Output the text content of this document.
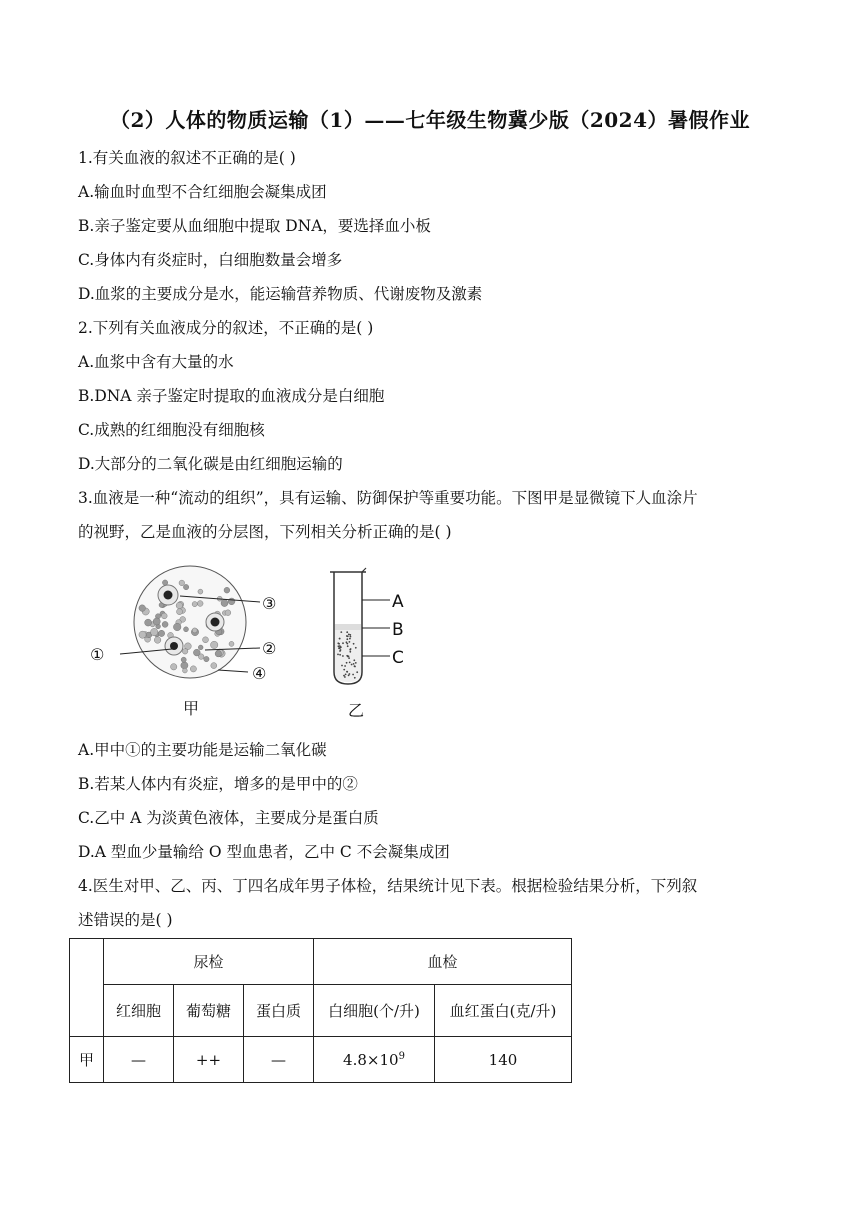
（2）人体的物质运输（1）——七年级生物冀少版（2024）暑假作业
1.有关血液的叙述不正确的是( )
A.输血时血型不合红细胞会凝集成团
B.亲子鉴定要从血细胞中提取 DNA，要选择血小板
C.身体内有炎症时，白细胞数量会增多
D.血浆的主要成分是水，能运输营养物质、代谢废物及激素
2.下列有关血液成分的叙述，不正确的是( )
A.血浆中含有大量的水
B.DNA 亲子鉴定时提取的血液成分是白细胞
C.成熟的红细胞没有细胞核
D.大部分的二氧化碳是由红细胞运输的
3.血液是一种“流动的组织”，具有运输、防御保护等重要功能。下图甲是显微镜下人血涂片
的视野，乙是血液的分层图，下列相关分析正确的是( )
③
②
①
④
甲
A
B
C
乙
A.甲中①的主要功能是运输二氧化碳
B.若某人体内有炎症，增多的是甲中的②
C.乙中 A 为淡黄色液体，主要成分是蛋白质
D.A 型血少量输给 O 型血患者，乙中 C 不会凝集成团
4.医生对甲、乙、丙、丁四名成年男子体检，结果统计见下表。根据检验结果分析，下列叙
述错误的是( )
	尿检			血检	
	红细胞	葡萄糖	蛋白质	白细胞(个/升)	血红蛋白(克/升)
甲	—	++	—	$4.8\times 10^9$	140
